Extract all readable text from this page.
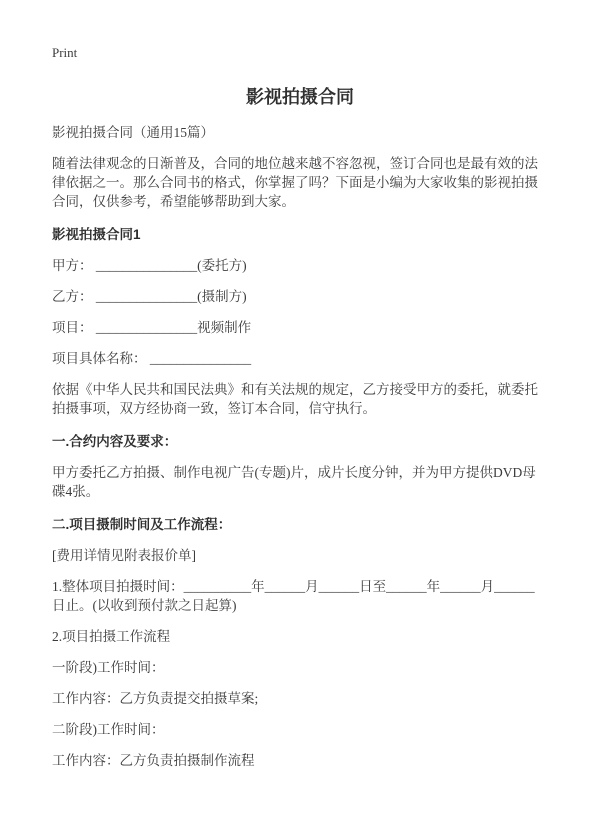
Print
影视拍摄合同

影视拍摄合同（通用15篇）

随着法律观念的日渐普及，合同的地位越来越不容忽视，签订合同也是最有效的法律依据之一。那么合同书的格式，你掌握了吗？下面是小编为大家收集的影视拍摄合同，仅供参考，希望能够帮助到大家。

影视拍摄合同1

甲方： _______________(委托方)

乙方： _______________(摄制方)

项目： _______________视频制作

项目具体名称： _______________

依据《中华人民共和国民法典》和有关法规的规定，乙方接受甲方的委托，就委托拍摄事项，双方经协商一致，签订本合同，信守执行。

一.合约内容及要求：

甲方委托乙方拍摄、制作电视广告(专题)片，成片长度分钟，并为甲方提供DVD母碟4张。

二.项目摄制时间及工作流程：

[费用详情见附表报价单]

1.整体项目拍摄时间：__________年______月______日至______年______月______日止。(以收到预付款之日起算)

2.项目拍摄工作流程

一阶段)工作时间：

工作内容：乙方负责提交拍摄草案;

二阶段)工作时间：

工作内容：乙方负责拍摄制作流程
